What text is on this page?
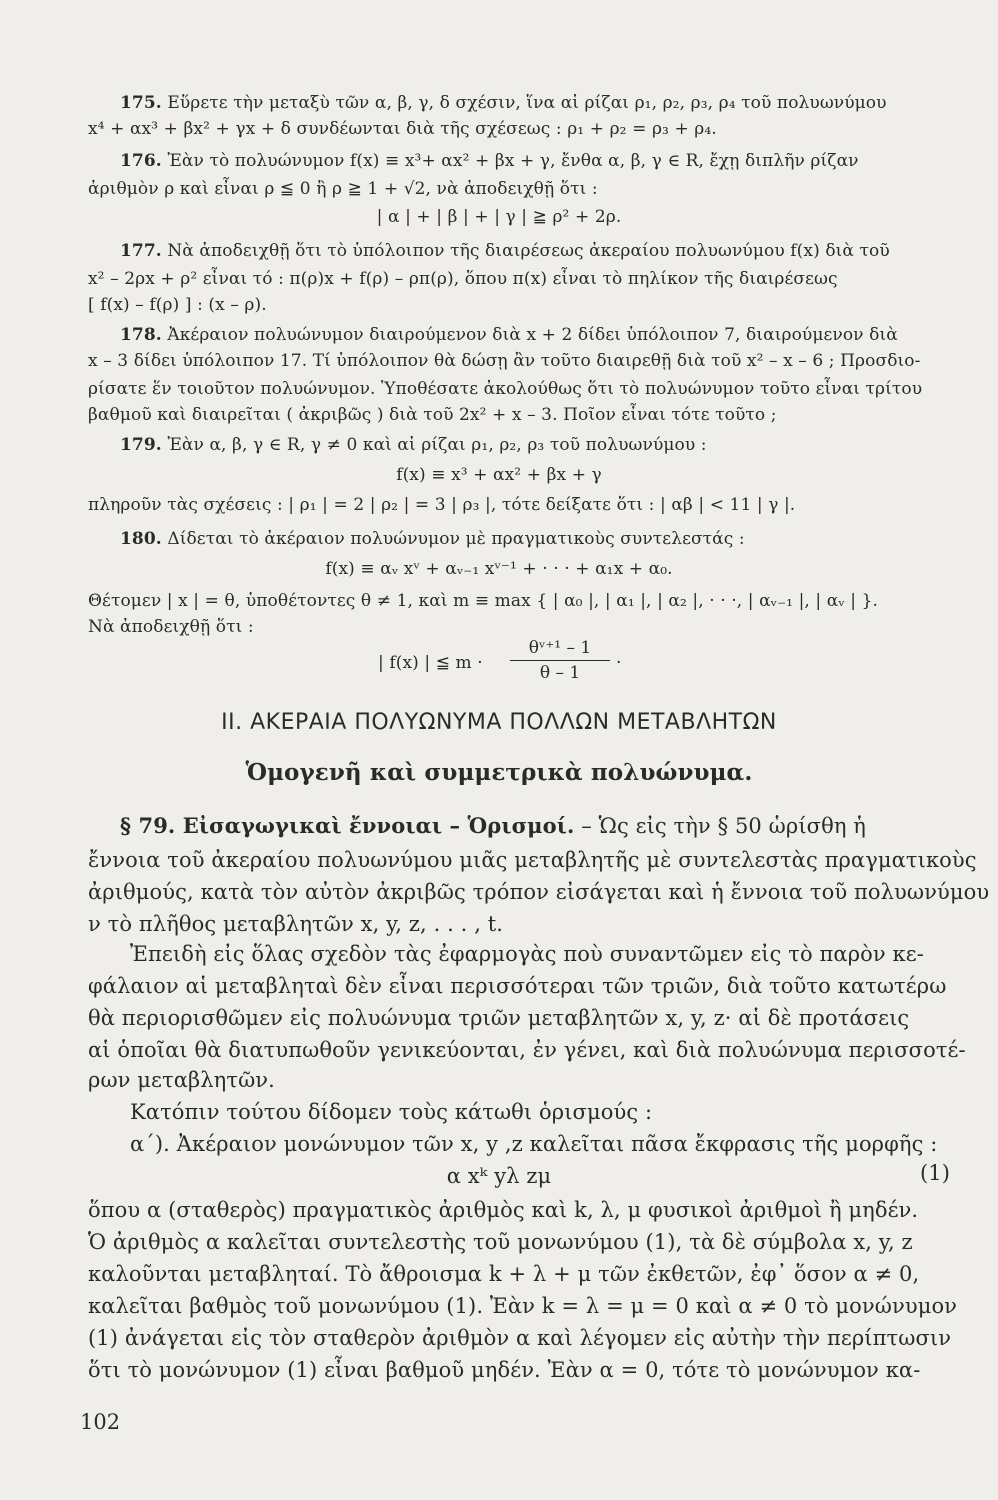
175. Εὕρετε τὴν μεταξὺ τῶν α, β, γ, δ σχέσιν, ἵνα αἱ ρίζαι ρ₁, ρ₂, ρ₃, ρ₄ τοῦ πολυωνύμου

x⁴ + αx³ + βx² + γx + δ συνδέωνται διὰ τῆς σχέσεως : ρ₁ + ρ₂ = ρ₃ + ρ₄.

176. Ἐὰν τὸ πολυώνυμον f(x) ≡ x³+ αx² + βx + γ, ἔνθα α, β, γ ∈ R, ἔχῃ διπλῆν ρίζαν

ἀριθμὸν ρ καὶ εἶναι ρ ≦ 0 ἢ ρ ≧ 1 + √2, νὰ ἀποδειχθῇ ὅτι :

| α | + | β | + | γ | ≧ ρ² + 2ρ.

177. Νὰ ἀποδειχθῇ ὅτι τὸ ὑπόλοιπον τῆς διαιρέσεως ἀκεραίου πολυωνύμου f(x) διὰ τοῦ

x² – 2ρx + ρ² εἶναι τό : π(ρ)x + f(ρ) – ρπ(ρ), ὅπου π(x) εἶναι τὸ πηλίκον τῆς διαιρέσεως

[ f(x) – f(ρ) ] : (x – ρ).

178. Ἀκέραιον πολυώνυμον διαιρούμενον διὰ x + 2 δίδει ὑπόλοιπον 7, διαιρούμενον διὰ

x – 3 δίδει ὑπόλοιπον 17. Τί ὑπόλοιπον θὰ δώσῃ ἂν τοῦτο διαιρεθῇ διὰ τοῦ x² – x – 6 ; Προσδιο-

ρίσατε ἕν τοιοῦτον πολυώνυμον. Ὑποθέσατε ἀκολούθως ὅτι τὸ πολυώνυμον τοῦτο εἶναι τρίτου

βαθμοῦ καὶ διαιρεῖται ( ἀκριβῶς ) διὰ τοῦ 2x² + x – 3. Ποῖον εἶναι τότε τοῦτο ;

179. Ἐὰν α, β, γ ∈ R, γ ≠ 0 καὶ αἱ ρίζαι ρ₁, ρ₂, ρ₃ τοῦ πολυωνύμου :

f(x) ≡ x³ + αx² + βx + γ

πληροῦν τὰς σχέσεις : | ρ₁ | = 2 | ρ₂ | = 3 | ρ₃ |, τότε δείξατε ὅτι : | αβ | < 11 | γ |.

180. Δίδεται τὸ ἀκέραιον πολυώνυμον μὲ πραγματικοὺς συντελεστάς :

f(x) ≡ αᵥ xᵛ + αᵥ₋₁ xᵛ⁻¹ + · · · + α₁x + α₀.

Θέτομεν | x | = θ, ὑποθέτοντες θ ≠ 1, καὶ m ≡ max { | α₀ |, | α₁ |, | α₂ |, · · ·, | αᵥ₋₁ |, | αᵥ | }.

Νὰ ἀποδειχθῇ ὅτι :

| f(x) | ≦ m ·

θᵛ⁺¹ – 1
θ – 1	·

II. ΑΚΕΡΑΙΑ ΠΟΛΥΩΝΥΜΑ ΠΟΛΛΩΝ ΜΕΤΑΒΛΗΤΩΝ

Ὁμογενῆ καὶ συμμετρικὰ πολυώνυμα.

§ 79. Εἰσαγωγικαὶ ἔννοιαι – Ὁρισμοί. – Ὡς εἰς τὴν § 50 ὡρίσθη ἡ

ἔννοια τοῦ ἀκεραίου πολυωνύμου μιᾶς μεταβλητῆς μὲ συντελεστὰς πραγματικοὺς

ἀριθμούς, κατὰ τὸν αὐτὸν ἀκριβῶς τρόπον εἰσάγεται καὶ ἡ ἔννοια τοῦ πολυωνύμου

ν τὸ πλῆθος μεταβλητῶν x, y, z, . . . , t.

Ἐπειδὴ εἰς ὅλας σχεδὸν τὰς ἐφαρμογὰς ποὺ συναντῶμεν εἰς τὸ παρὸν κε-

φάλαιον αἱ μεταβληταὶ δὲν εἶναι περισσότεραι τῶν τριῶν, διὰ τοῦτο κατωτέρω

θὰ περιορισθῶμεν εἰς πολυώνυμα τριῶν μεταβλητῶν x, y, z· αἱ δὲ προτάσεις

αἱ ὁποῖαι θὰ διατυπωθοῦν γενικεύονται, ἐν γένει, καὶ διὰ πολυώνυμα περισσοτέ-

ρων μεταβλητῶν.

Κατόπιν τούτου δίδομεν τοὺς κάτωθι ὁρισμούς :

α΄). Ἀκέραιον μονώνυμον τῶν x, y ,z καλεῖται πᾶσα ἔκφρασις τῆς μορφῆς :

α xᵏ yλ zμ	(1)

ὅπου α (σταθερὸς) πραγματικὸς ἀριθμὸς καὶ k, λ, μ φυσικοὶ ἀριθμοὶ ἢ μηδέν.

Ὁ ἀριθμὸς α καλεῖται συντελεστὴς τοῦ μονωνύμου (1), τὰ δὲ σύμβολα x, y, z

καλοῦνται μεταβληταί. Τὸ ἄθροισμα k + λ + μ τῶν ἐκθετῶν, ἐφ᾽ ὅσον α ≠ 0,

καλεῖται βαθμὸς τοῦ μονωνύμου (1). Ἐὰν k = λ = μ = 0 καὶ α ≠ 0 τὸ μονώνυμον

(1) ἀνάγεται εἰς τὸν σταθερὸν ἀριθμὸν α καὶ λέγομεν εἰς αὐτὴν τὴν περίπτωσιν

ὅτι τὸ μονώνυμον (1) εἶναι βαθμοῦ μηδέν. Ἐὰν α = 0, τότε τὸ μονώνυμον κα-

102
